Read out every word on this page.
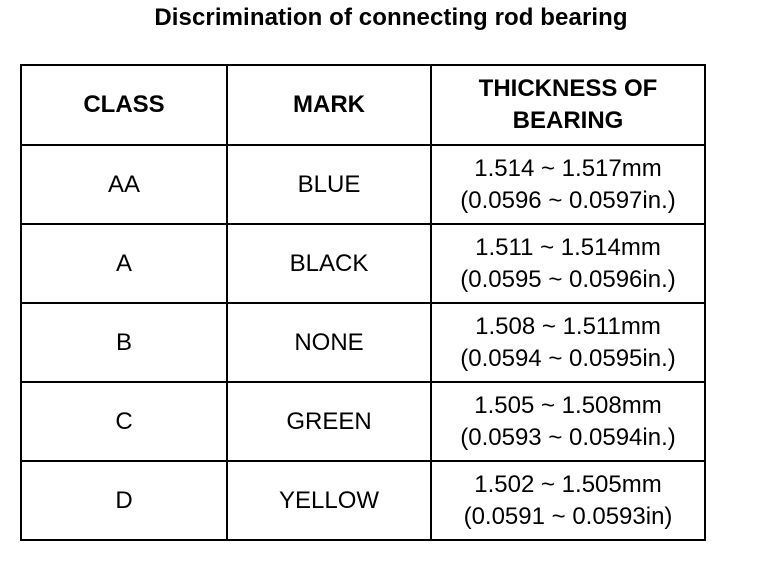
Discrimination of connecting rod bearing
CLASS	MARK	THICKNESS OF
BEARING

AA	BLUE	1.514 ~ 1.517mm
(0.0596 ~ 0.0597in.)

A	BLACK	1.511 ~ 1.514mm
(0.0595 ~ 0.0596in.)

B	NONE	1.508 ~ 1.511mm
(0.0594 ~ 0.0595in.)

C	GREEN	1.505 ~ 1.508mm
(0.0593 ~ 0.0594in.)

D	YELLOW	1.502 ~ 1.505mm
(0.0591 ~ 0.0593in)
